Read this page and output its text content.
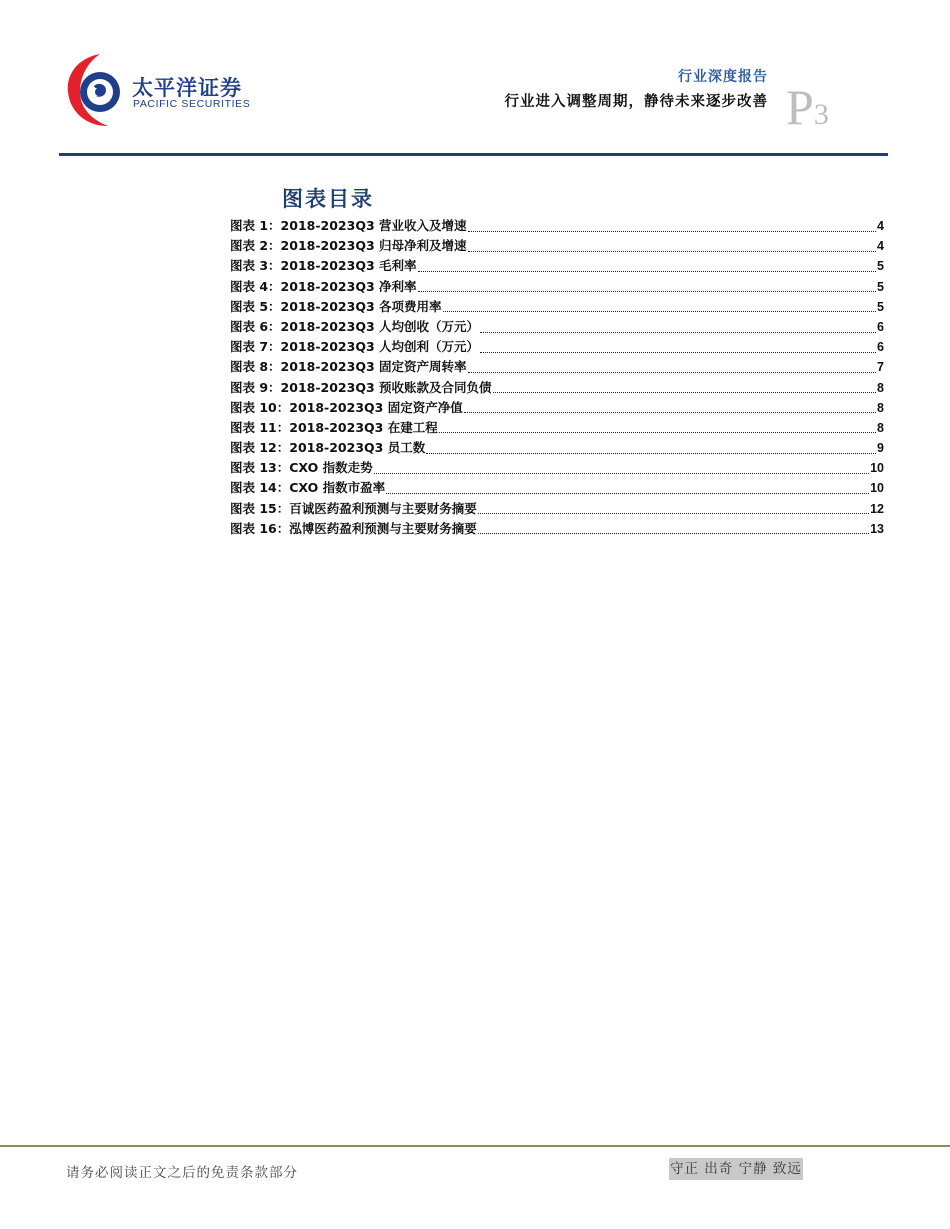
太平洋证券
PACIFIC SECURITIES
行业深度报告
行业进入调整周期，静待未来逐步改善 P3
图表目录
图表 1：2018-2023Q3 营业收入及增速	4
图表 2：2018-2023Q3 归母净利及增速	4
图表 3：2018-2023Q3 毛利率	5
图表 4：2018-2023Q3 净利率	5
图表 5：2018-2023Q3 各项费用率	5
图表 6：2018-2023Q3 人均创收（万元）	6
图表 7：2018-2023Q3 人均创利（万元）	6
图表 8：2018-2023Q3 固定资产周转率	7
图表 9：2018-2023Q3 预收账款及合同负债	8
图表 10：2018-2023Q3 固定资产净值	8
图表 11：2018-2023Q3 在建工程	8
图表 12：2018-2023Q3 员工数	9
图表 13：CXO 指数走势	10
图表 14：CXO 指数市盈率	10
图表 15：百诚医药盈利预测与主要财务摘要	12
图表 16：泓博医药盈利预测与主要财务摘要	13
请务必阅读正文之后的免责条款部分	守正 出奇 宁静 致远
